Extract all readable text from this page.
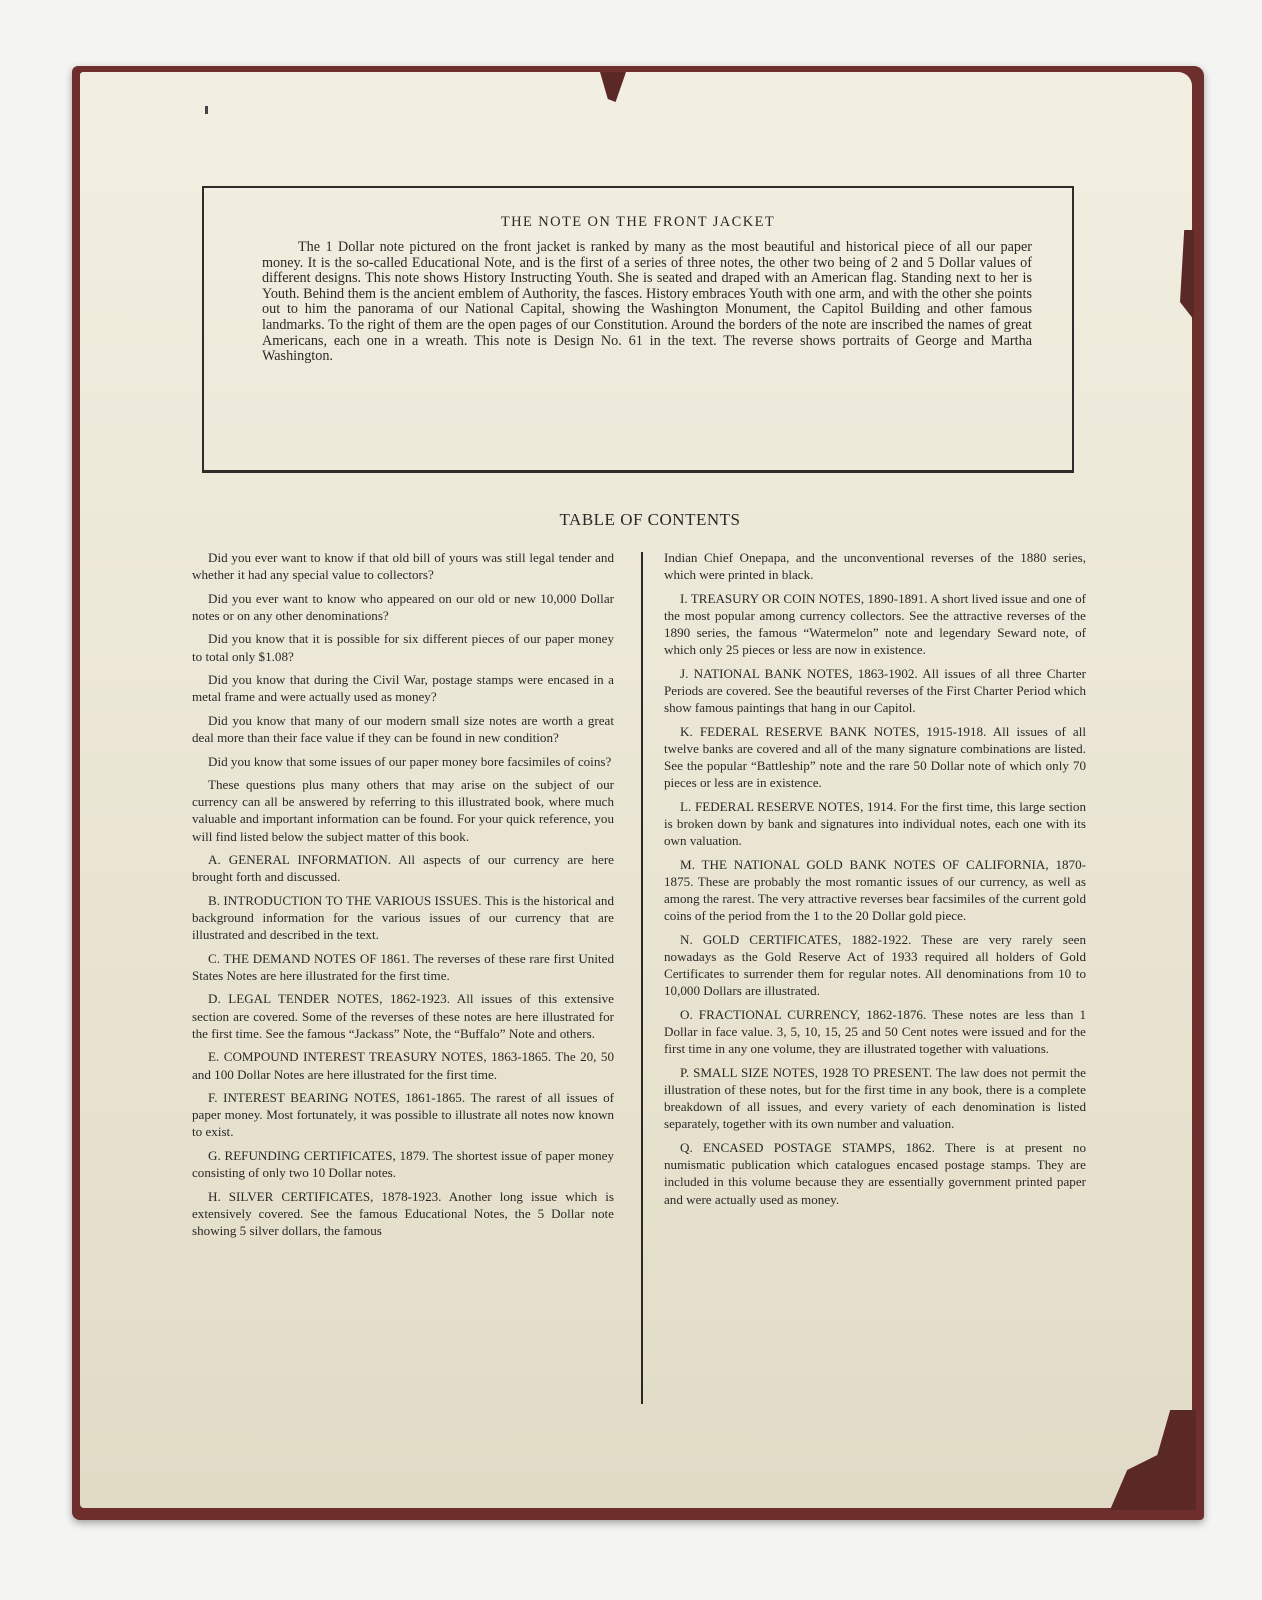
THE NOTE ON THE FRONT JACKET
The 1 Dollar note pictured on the front jacket is ranked by many as the most beautiful and historical piece of all our paper money. It is the so-called Educational Note, and is the first of a series of three notes, the other two being of 2 and 5 Dollar values of different designs. This note shows History Instructing Youth. She is seated and draped with an American flag. Standing next to her is Youth. Behind them is the ancient emblem of Authority, the fasces. History embraces Youth with one arm, and with the other she points out to him the panorama of our National Capital, showing the Washington Monument, the Capitol Building and other famous landmarks. To the right of them are the open pages of our Constitution. Around the borders of the note are inscribed the names of great Americans, each one in a wreath. This note is Design No. 61 in the text. The reverse shows portraits of George and Martha Washington.
TABLE OF CONTENTS

Did you ever want to know if that old bill of yours was still legal tender and whether it had any special value to collectors?

Did you ever want to know who appeared on our old or new 10,000 Dollar notes or on any other denominations?

Did you know that it is possible for six different pieces of our paper money to total only $1.08?

Did you know that during the Civil War, postage stamps were encased in a metal frame and were actually used as money?

Did you know that many of our modern small size notes are worth a great deal more than their face value if they can be found in new condition?

Did you know that some issues of our paper money bore facsimiles of coins?

These questions plus many others that may arise on the subject of our currency can all be answered by referring to this illustrated book, where much valuable and important information can be found. For your quick reference, you will find listed below the subject matter of this book.

A. GENERAL INFORMATION. All aspects of our currency are here brought forth and discussed.

B. INTRODUCTION TO THE VARIOUS ISSUES. This is the historical and background information for the various issues of our currency that are illustrated and described in the text.

C. THE DEMAND NOTES OF 1861. The reverses of these rare first United States Notes are here illustrated for the first time.

D. LEGAL TENDER NOTES, 1862-1923. All issues of this extensive section are covered. Some of the reverses of these notes are here illustrated for the first time. See the famous “Jackass” Note, the “Buffalo” Note and others.

E. COMPOUND INTEREST TREASURY NOTES, 1863-1865. The 20, 50 and 100 Dollar Notes are here illustrated for the first time.

F. INTEREST BEARING NOTES, 1861-1865. The rarest of all issues of paper money. Most fortunately, it was possible to illustrate all notes now known to exist.

G. REFUNDING CERTIFICATES, 1879. The shortest issue of paper money consisting of only two 10 Dollar notes.

H. SILVER CERTIFICATES, 1878-1923. Another long issue which is extensively covered. See the famous Educational Notes, the 5 Dollar note showing 5 silver dollars, the famous

Indian Chief Onepapa, and the unconventional reverses of the 1880 series, which were printed in black.

I. TREASURY OR COIN NOTES, 1890-1891. A short lived issue and one of the most popular among currency collectors. See the attractive reverses of the 1890 series, the famous “Watermelon” note and legendary Seward note, of which only 25 pieces or less are now in existence.

J. NATIONAL BANK NOTES, 1863-1902. All issues of all three Charter Periods are covered. See the beautiful reverses of the First Charter Period which show famous paintings that hang in our Capitol.

K. FEDERAL RESERVE BANK NOTES, 1915-1918. All issues of all twelve banks are covered and all of the many signature combinations are listed. See the popular “Battleship” note and the rare 50 Dollar note of which only 70 pieces or less are in existence.

L. FEDERAL RESERVE NOTES, 1914. For the first time, this large section is broken down by bank and signatures into individual notes, each one with its own valuation.

M. THE NATIONAL GOLD BANK NOTES OF CALIFORNIA, 1870-1875. These are probably the most romantic issues of our currency, as well as among the rarest. The very attractive reverses bear facsimiles of the current gold coins of the period from the 1 to the 20 Dollar gold piece.

N. GOLD CERTIFICATES, 1882-1922. These are very rarely seen nowadays as the Gold Reserve Act of 1933 required all holders of Gold Certificates to surrender them for regular notes. All denominations from 10 to 10,000 Dollars are illustrated.

O. FRACTIONAL CURRENCY, 1862-1876. These notes are less than 1 Dollar in face value. 3, 5, 10, 15, 25 and 50 Cent notes were issued and for the first time in any one volume, they are illustrated together with valuations.

P. SMALL SIZE NOTES, 1928 TO PRESENT. The law does not permit the illustration of these notes, but for the first time in any book, there is a complete breakdown of all issues, and every variety of each denomination is listed separately, together with its own number and valuation.

Q. ENCASED POSTAGE STAMPS, 1862. There is at present no numismatic publication which catalogues encased postage stamps. They are included in this volume because they are essentially government printed paper and were actually used as money.
